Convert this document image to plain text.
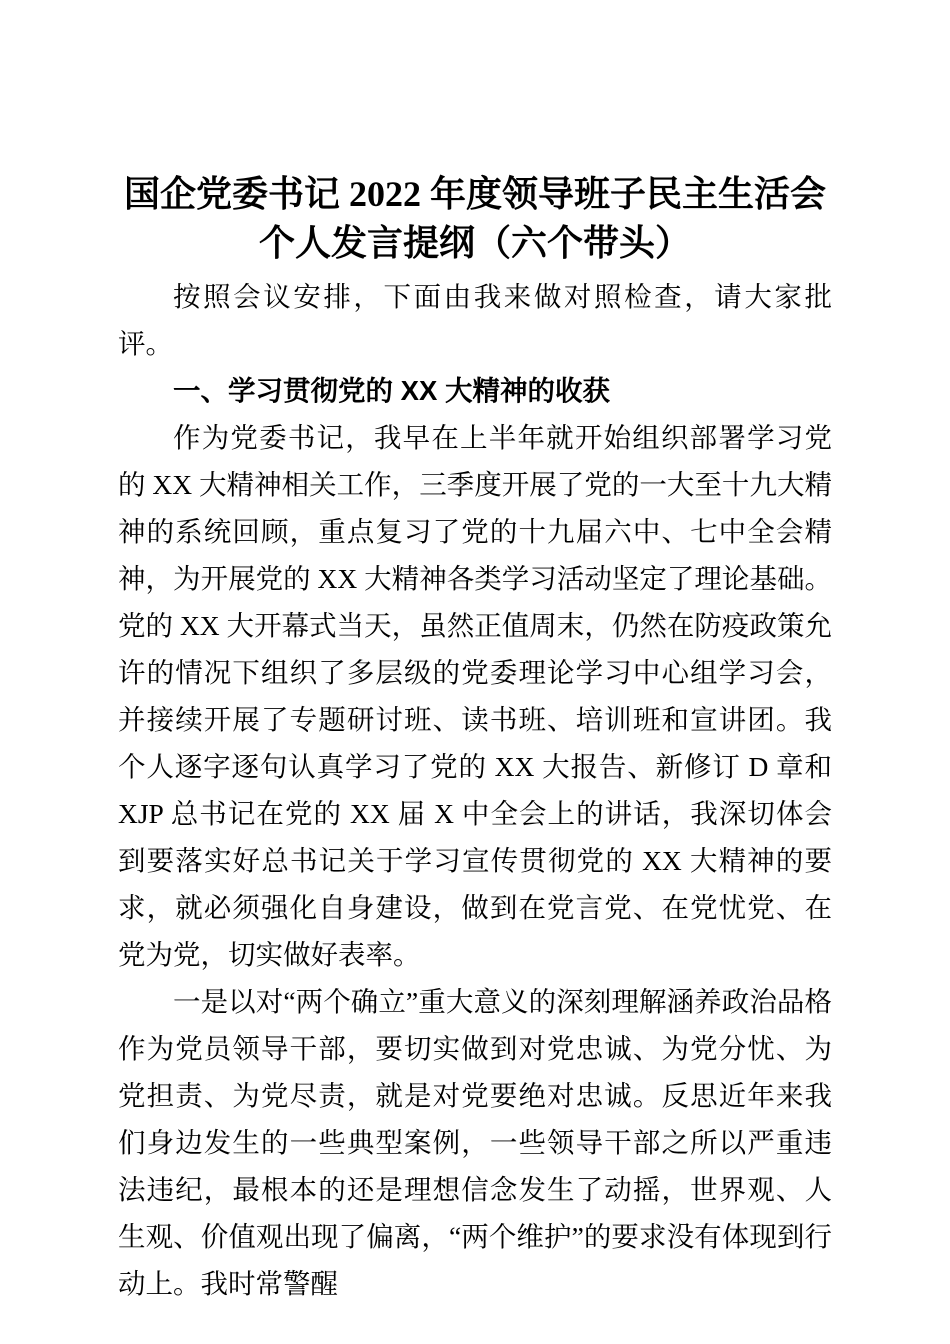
国企党委书记 2022 年度领导班子民主生活会
个人发言提纲（六个带头）

按照会议安排，下面由我来做对照检查，请大家批评。

一、学习贯彻党的 XX 大精神的收获

作为党委书记，我早在上半年就开始组织部署学习党的 XX 大精神相关工作，三季度开展了党的一大至十九大精神的系统回顾，重点复习了党的十九届六中、七中全会精神，为开展党的 XX 大精神各类学习活动坚定了理论基础。党的 XX 大开幕式当天，虽然正值周末，仍然在防疫政策允许的情况下组织了多层级的党委理论学习中心组学习会，并接续开展了专题研讨班、读书班、培训班和宣讲团。我个人逐字逐句认真学习了党的 XX 大报告、新修订 D 章和 XJP 总书记在党的 XX 届 X 中全会上的讲话，我深切体会到要落实好总书记关于学习宣传贯彻党的 XX 大精神的要求，就必须强化自身建设，做到在党言党、在党忧党、在党为党，切实做好表率。

一是以对“两个确立”重大意义的深刻理解涵养政治品格作为党员领导干部，要切实做到对党忠诚、为党分忧、为党担责、为党尽责，就是对党要绝对忠诚。反思近年来我们身边发生的一些典型案例，一些领导干部之所以严重违法违纪，最根本的还是理想信念发生了动摇，世界观、人生观、价值观出现了偏离，“两个维护”的要求没有体现到行动上。我时常警醒
